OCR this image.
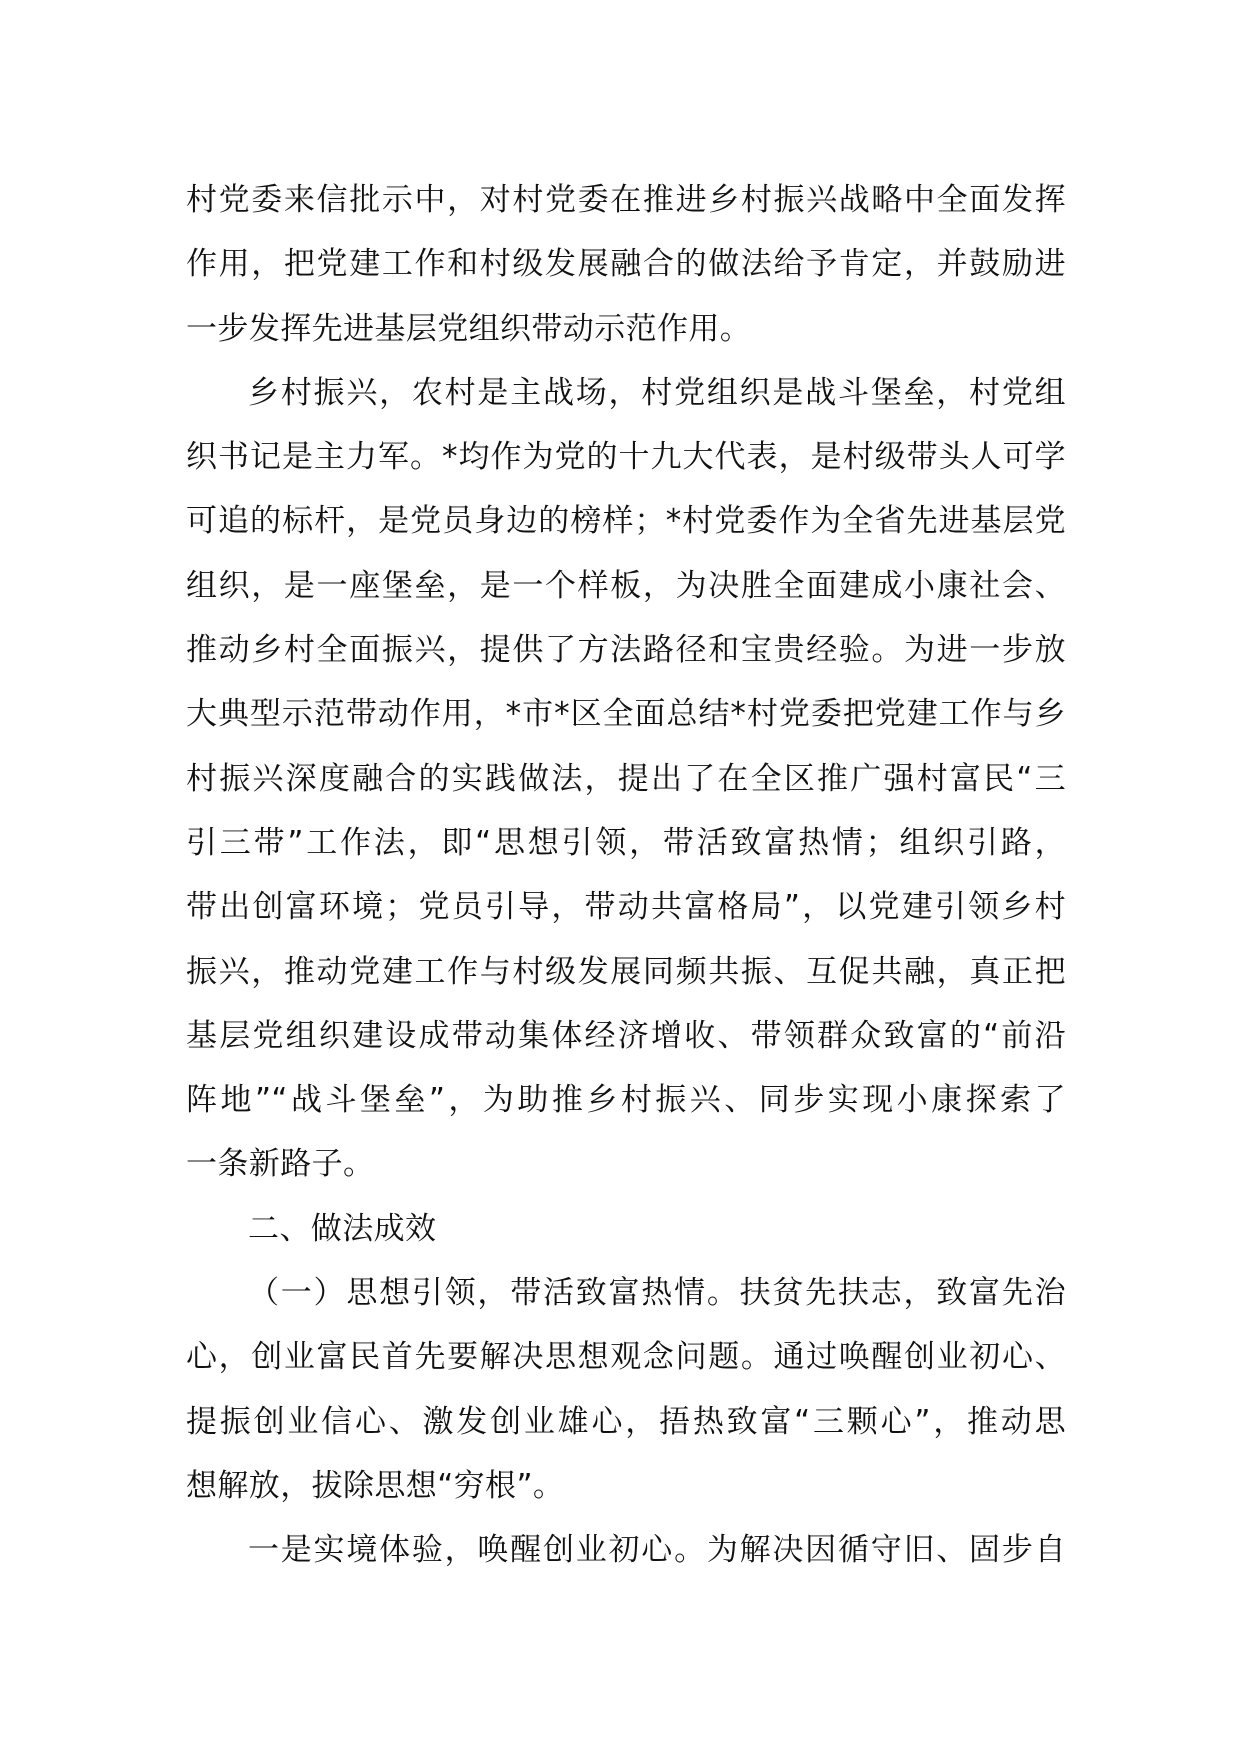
村党委来信批示中，对村党委在推进乡村振兴战略中全面发挥
作用，把党建工作和村级发展融合的做法给予肯定，并鼓励进
一步发挥先进基层党组织带动示范作用。
乡村振兴，农村是主战场，村党组织是战斗堡垒，村党组
织书记是主力军。*均作为党的十九大代表，是村级带头人可学
可追的标杆，是党员身边的榜样；*村党委作为全省先进基层党
组织，是一座堡垒，是一个样板，为决胜全面建成小康社会、
推动乡村全面振兴，提供了方法路径和宝贵经验。为进一步放
大典型示范带动作用，*市*区全面总结*村党委把党建工作与乡
村振兴深度融合的实践做法，提出了在全区推广强村富民“三
引三带”工作法，即“思想引领，带活致富热情；组织引路，
带出创富环境；党员引导，带动共富格局”，以党建引领乡村
振兴，推动党建工作与村级发展同频共振、互促共融，真正把
基层党组织建设成带动集体经济增收、带领群众致富的“前沿
阵地”“战斗堡垒”，为助推乡村振兴、同步实现小康探索了
一条新路子。
二、做法成效
（一）思想引领，带活致富热情。扶贫先扶志，致富先治
心，创业富民首先要解决思想观念问题。通过唤醒创业初心、
提振创业信心、激发创业雄心，捂热致富“三颗心”，推动思
想解放，拔除思想“穷根”。
一是实境体验，唤醒创业初心。为解决因循守旧、固步自
